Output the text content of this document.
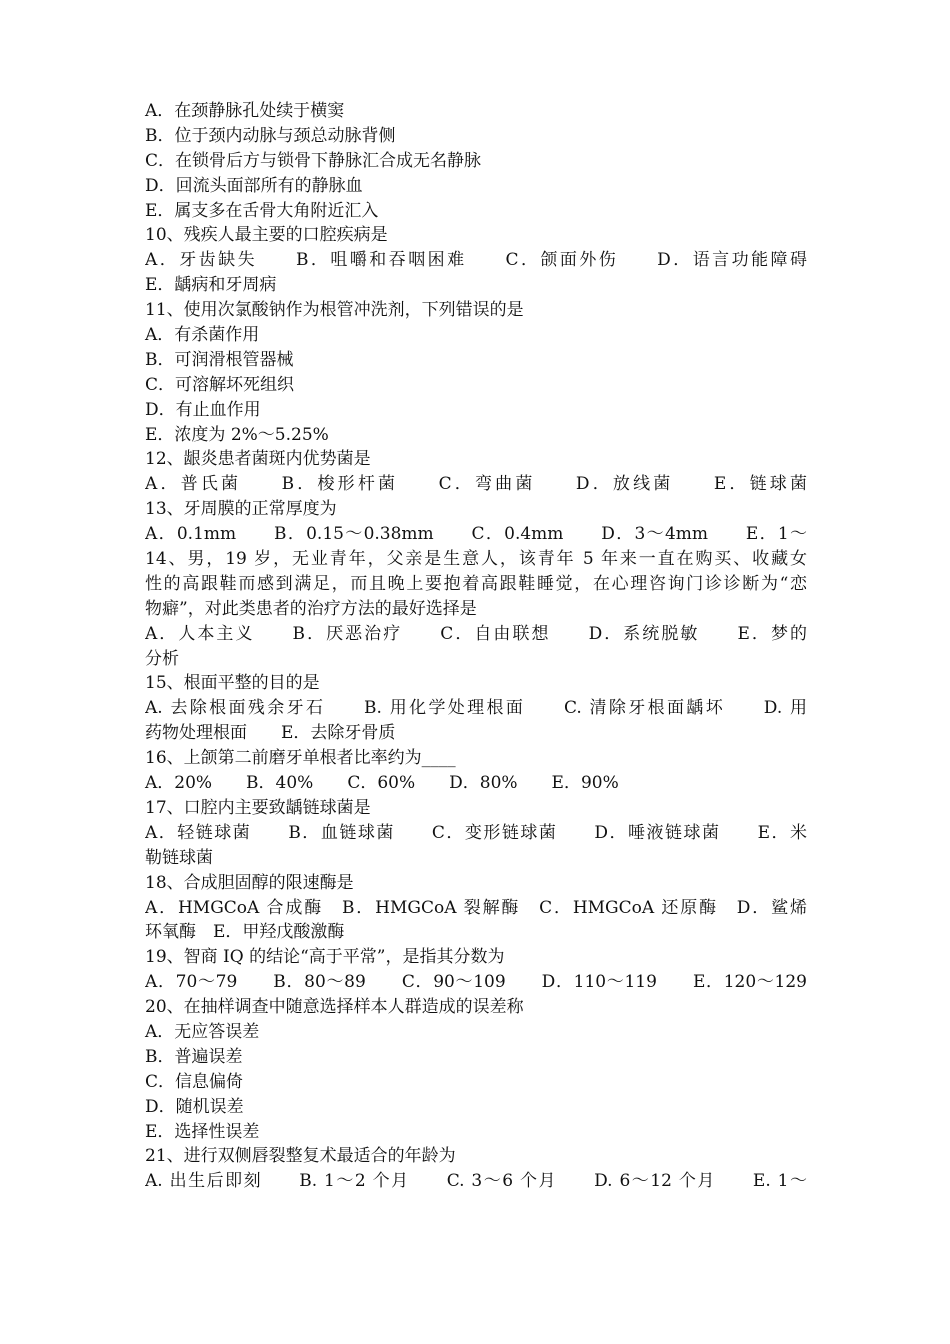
A．在颈静脉孔处续于横窦
B．位于颈内动脉与颈总动脉背侧
C．在锁骨后方与锁骨下静脉汇合成无名静脉
D．回流头面部所有的静脉血
E．属支多在舌骨大角附近汇入
10、残疾人最主要的口腔疾病是
A．牙齿缺失　　B．咀嚼和吞咽困难　　C．颌面外伤　　D．语言功能障碍
E．龋病和牙周病
11、使用次氯酸钠作为根管冲洗剂，下列错误的是
A．有杀菌作用
B．可润滑根管器械
C．可溶解坏死组织
D．有止血作用
E．浓度为 2%～5.25%
12、龈炎患者菌斑内优势菌是
A．普氏菌　　B．梭形杆菌　　C．弯曲菌　　D．放线菌　　E．链球菌
13、牙周膜的正常厚度为
A．0.1mm　　B．0.15～0.38mm　　C．0.4mm　　D．3～4mm　　E．1～
14、男，19 岁，无业青年，父亲是生意人，该青年 5 年来一直在购买、收藏女
性的高跟鞋而感到满足，而且晚上要抱着高跟鞋睡觉，在心理咨询门诊诊断为“恋
物癖”，对此类患者的治疗方法的最好选择是
A．人本主义　　B．厌恶治疗　　C．自由联想　　D．系统脱敏　　E．梦的
分析
15、根面平整的目的是
A. 去除根面残余牙石　　B. 用化学处理根面　　C. 清除牙根面龋坏　　D. 用
药物处理根面　　E．去除牙骨质
16、上颌第二前磨牙单根者比率约为____
A．20%　　B．40%　　C．60%　　D．80%　　E．90%
17、口腔内主要致龋链球菌是
A．轻链球菌　　B．血链球菌　　C．变形链球菌　　D．唾液链球菌　　E．米
勒链球菌
18、合成胆固醇的限速酶是
A．HMGCoA 合成酶　B．HMGCoA 裂解酶　C．HMGCoA 还原酶　D．鲨烯
环氧酶　E．甲羟戊酸激酶
19、智商 IQ 的结论“高于平常”，是指其分数为
A．70～79　　B．80～89　　C．90～109　　D．110～119　　E．120～129
20、在抽样调查中随意选择样本人群造成的误差称
A．无应答误差
B．普遍误差
C．信息偏倚
D．随机误差
E．选择性误差
21、进行双侧唇裂整复术最适合的年龄为
A. 出生后即刻　　B. 1～2 个月　　C. 3～6 个月　　D. 6～12 个月　　E. 1～
